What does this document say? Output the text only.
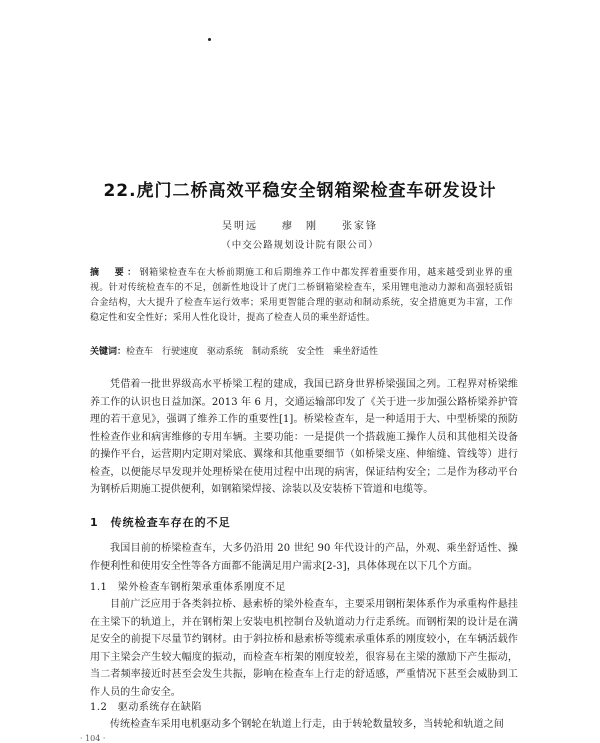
22.虎门二桥高效平稳安全钢箱梁检查车研发设计
吴明远　　瘳　刚　　张家锋
（中交公路规划设计院有限公司）
摘　要：钢箱梁检查车在大桥前期施工和后期维养工作中都发挥着重要作用，越来越受到业界的重视。针对传统检查车的不足，创新性地设计了虎门二桥钢箱梁检查车，采用锂电池动力源和高强轻质铝合金结构，大大提升了检查车运行效率；采用更智能合理的驱动和制动系统，安全措施更为丰富，工作稳定性和安全性好；采用人性化设计，提高了检查人员的乘坐舒适性。
关键词：检查车　行驶速度　驱动系统　制动系统　安全性　乘坐舒适性
凭借着一批世界级高水平桥梁工程的建成，我国已跻身世界桥梁强国之列。工程界对桥梁维养工作的认识也日益加深。2013 年 6 月，交通运输部印发了《关于进一步加强公路桥梁养护管理的若干意见》，强调了维养工作的重要性[1]。桥梁检查车，是一种适用于大、中型桥梁的预防性检查作业和病害维修的专用车辆。主要功能：一是提供一个搭载施工操作人员和其他相关设备的操作平台，运营期内定期对梁底、翼缘和其他重要细节（如桥梁支座、伸缩缝、管线等）进行检查，以便能尽早发现并处理桥梁在使用过程中出现的病害，保证结构安全；二是作为移动平台为钢桥后期施工提供便利，如钢箱梁焊接、涂装以及安装桥下管道和电缆等。
1　传统检查车存在的不足
我国目前的桥梁检查车，大多仍沿用 20 世纪 90 年代设计的产品，外观、乘坐舒适性、操作便利性和使用安全性等各方面都不能满足用户需求[2-3]，具体体现在以下几个方面。
1.1　梁外检查车钢桁架承重体系刚度不足
目前广泛应用于各类斜拉桥、悬索桥的梁外检查车，主要采用钢桁架体系作为承重构件悬挂在主梁下的轨道上，并在钢桁架上安装电机控制台及轨道动力行走系统。而钢桁架的设计是在满足安全的前提下尽量节约钢材。由于斜拉桥和悬索桥等缆索承重体系的刚度较小，在车辆活载作用下主梁会产生较大幅度的振动，而检查车桁架的刚度较差，很容易在主梁的激励下产生振动，当二者频率接近时甚至会发生共振，影响在检查车上行走的舒适感，严重情况下甚至会威胁到工作人员的生命安全。
1.2　驱动系统存在缺陷
传统检查车采用电机驱动多个钢轮在轨道上行走，由于转轮数量较多，当转轮和轨道之间
· 104 ·
